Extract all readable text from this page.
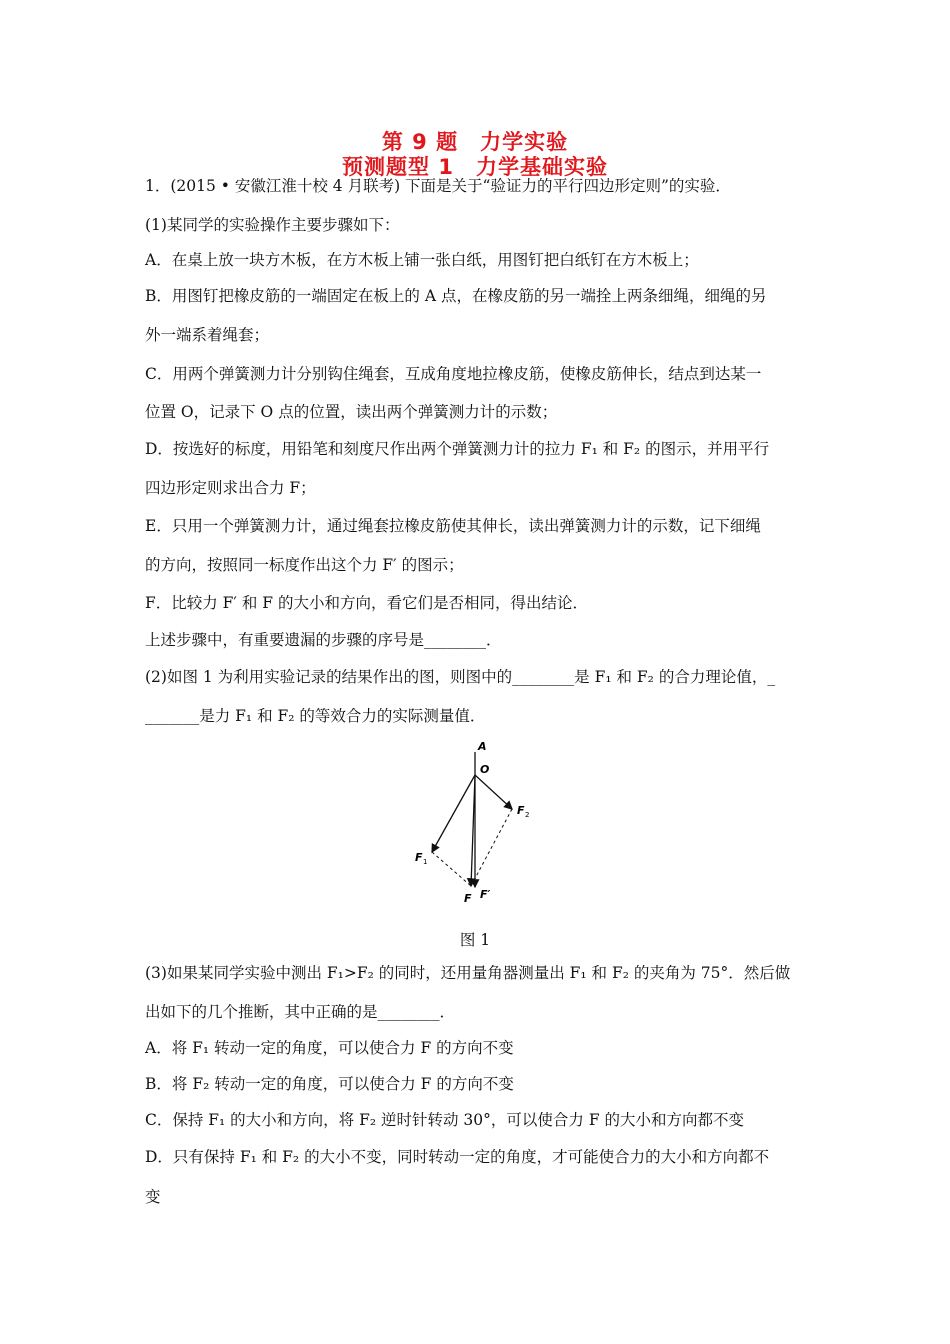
第 9 题　力学实验
预测题型 1　力学基础实验
1．(2015 • 安徽江淮十校 4 月联考) 下面是关于“验证力的平行四边形定则”的实验．
(1)某同学的实验操作主要步骤如下：
A．在桌上放一块方木板，在方木板上铺一张白纸，用图钉把白纸钉在方木板上；
B．用图钉把橡皮筋的一端固定在板上的 A 点，在橡皮筋的另一端拴上两条细绳，细绳的另
外一端系着绳套；
C．用两个弹簧测力计分别钩住绳套，互成角度地拉橡皮筋，使橡皮筋伸长，结点到达某一
位置 O，记录下 O 点的位置，读出两个弹簧测力计的示数；
D．按选好的标度，用铅笔和刻度尺作出两个弹簧测力计的拉力 F₁ 和 F₂ 的图示，并用平行
四边形定则求出合力 F；
E．只用一个弹簧测力计，通过绳套拉橡皮筋使其伸长，读出弹簧测力计的示数，记下细绳
的方向，按照同一标度作出这个力 F′ 的图示；
F．比较力 F′ 和 F 的大小和方向，看它们是否相同，得出结论．
上述步骤中，有重要遗漏的步骤的序号是________．
(2)如图 1 为利用实验记录的结果作出的图，则图中的________是 F₁ 和 F₂ 的合力理论值，_
_______是力 F₁ 和 F₂ 的等效合力的实际测量值．
A
O
F 1
F 2
F F′
图 1
(3)如果某同学实验中测出 F₁>F₂ 的同时，还用量角器测量出 F₁ 和 F₂ 的夹角为 75°．然后做
出如下的几个推断，其中正确的是________．
A．将 F₁ 转动一定的角度，可以使合力 F 的方向不变
B．将 F₂ 转动一定的角度，可以使合力 F 的方向不变
C．保持 F₁ 的大小和方向，将 F₂ 逆时针转动 30°，可以使合力 F 的大小和方向都不变
D．只有保持 F₁ 和 F₂ 的大小不变，同时转动一定的角度，才可能使合力的大小和方向都不
变
